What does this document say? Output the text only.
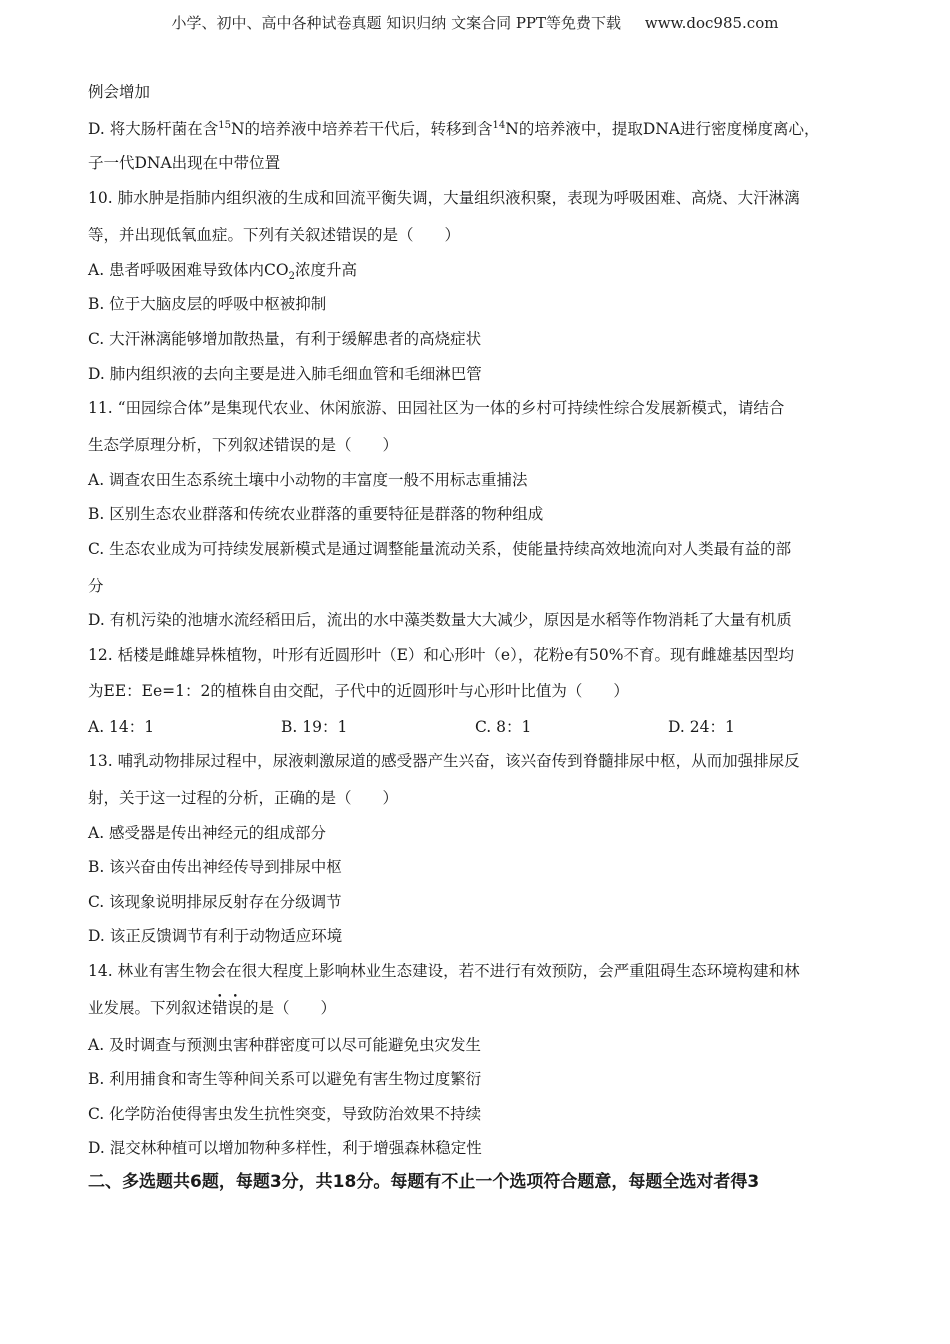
小学、初中、高中各种试卷真题 知识归纳 文案合同 PPT等免费下载     www.doc985.com
例会增加
D. 将大肠杆菌在含$^{15}$N的培养液中培养若干代后，转移到含$^{14}$N的培养液中，提取DNA进行密度梯度离心，
子一代DNA出现在中带位置
10. 肺水肿是指肺内组织液的生成和回流平衡失调，大量组织液积聚，表现为呼吸困难、高烧、大汗淋漓
等，并出现低氧血症。下列有关叙述错误的是（　　）
A. 患者呼吸困难导致体内$CO_2$浓度升高
B. 位于大脑皮层的呼吸中枢被抑制
C. 大汗淋漓能够增加散热量，有利于缓解患者的高烧症状
D. 肺内组织液的去向主要是进入肺毛细血管和毛细淋巴管
11. “田园综合体”是集现代农业、休闲旅游、田园社区为一体的乡村可持续性综合发展新模式，请结合
生态学原理分析，下列叙述错误的是（　　）
A. 调查农田生态系统土壤中小动物的丰富度一般不用标志重捕法
B. 区别生态农业群落和传统农业群落的重要特征是群落的物种组成
C. 生态农业成为可持续发展新模式是通过调整能量流动关系，使能量持续高效地流向对人类最有益的部
分
D. 有机污染的池塘水流经稻田后，流出的水中藻类数量大大减少，原因是水稻等作物消耗了大量有机质
12. 栝楼是雌雄异株植物，叶形有近圆形叶（E）和心形叶（e），花粉e有50%不育。现有雌雄基因型均
为EE：Ee=1：2的植株自由交配，子代中的近圆形叶与心形叶比值为（　　）
A. 14：1	B. 19：1	C. 8：1	D. 24：1
13. 哺乳动物排尿过程中，尿液刺激尿道的感受器产生兴奋，该兴奋传到脊髓排尿中枢，从而加强排尿反
射，关于这一过程的分析，正确的是（　　）
A. 感受器是传出神经元的组成部分
B. 该兴奋由传出神经传导到排尿中枢
C. 该现象说明排尿反射存在分级调节
D. 该正反馈调节有利于动物适应环境
14. 林业有害生物会在很大程度上影响林业生态建设，若不进行有效预防，会严重阻碍生态环境构建和林
业发展。下列叙述错误的是（　　）
A. 及时调查与预测虫害种群密度可以尽可能避免虫灾发生
B. 利用捕食和寄生等种间关系可以避免有害生物过度繁衍
C. 化学防治使得害虫发生抗性突变，导致防治效果不持续
D. 混交林种植可以增加物种多样性，利于增强森林稳定性
二、多选题共6题，每题3分，共18分。每题有不止一个选项符合题意，每题全选对者得3
